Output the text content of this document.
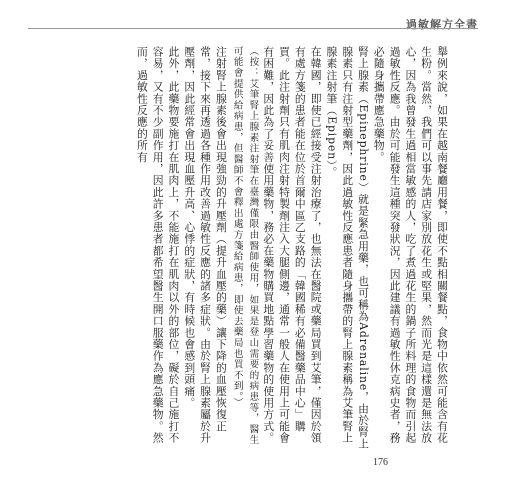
過敏解方全書

舉例來說，如果在越南餐廳用餐，即使不點相關餐點，食物中依然可能含有花生粉。當然，我們可以事先請店家別放花生或堅果，然而光是這樣還是無法放心，因為我曾發生過相當敏感的人，吃了煮過花生的鍋子所料理的食物而引起過敏性反應。由於可能發生這種突發狀況，因此建議有過敏性休克病史者，務必隨身攜帶應急藥物。

腎上腺素（Epinephrine）就是緊急用藥，也可稱為Adrenaline，由於腎上腺素只有注射型藥劑，因此過敏性反應患者隨身攜帶的腎上腺素稱為艾筆腎上腺素注射筆（Epipen）。

在韓國，即使已經接受注射治療了，也無法在醫院或藥局買到艾筆，僅因於領有處方箋的患者能在位於首爾中區乙支路的「韓國稀有必備醫藥品中心」購買。此注射劑只有肌肉注射特製劑注入大腿側邊，通常一般人在使用上可能會有困難，因此為了妥善使用藥物，務必在藥物購買地點學習藥物的使用方式。

（按：艾筆腎上腺素注射筆在臺灣僅限由醫師使用，如果是登山需要的病患等，醫生可能會提供給病患，但醫師不會釋出處方箋給病患，即使去藥局也買不到。）

注射腎上腺素後會出現強勁的升壓劑（提升血壓的藥）讓下降的血壓恢復正常，接下來再透過各種作用改善過敏性反應的諸多症狀。由於腎上腺素屬於升壓劑，因此經常會出現血壓升高、心悸的症狀，有時候也會感到頭痛。

此外，此藥物要施打在肌肉上，不能施打在肌肉以外的部位，礙於自己施打不容易，又有不少副作用，因此許多患者都希望醫生開口服藥作為應急藥物。然而，過敏性反應的所有

176
